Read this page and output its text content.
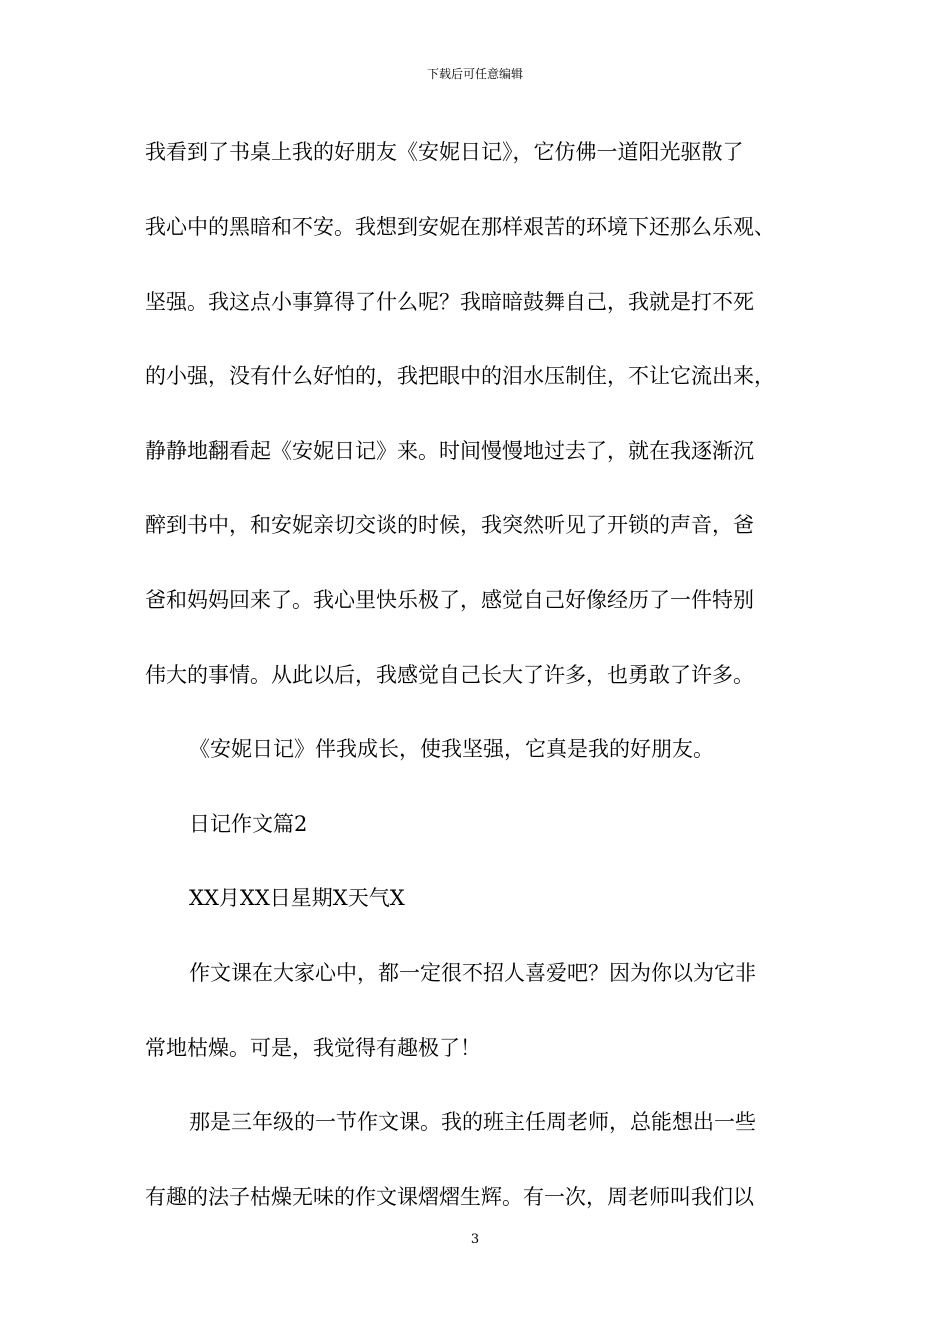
下载后可任意编辑
我看到了书桌上我的好朋友《安妮日记》，它仿佛一道阳光驱散了
我心中的黑暗和不安。我想到安妮在那样艰苦的环境下还那么乐观、
坚强。我这点小事算得了什么呢？我暗暗鼓舞自己，我就是打不死
的小强，没有什么好怕的，我把眼中的泪水压制住，不让它流出来，
静静地翻看起《安妮日记》来。时间慢慢地过去了，就在我逐渐沉
醉到书中，和安妮亲切交谈的时候，我突然听见了开锁的声音，爸
爸和妈妈回来了。我心里快乐极了，感觉自己好像经历了一件特别
伟大的事情。从此以后，我感觉自己长大了许多，也勇敢了许多。
《安妮日记》伴我成长，使我坚强，它真是我的好朋友。
日记作文篇2
XX月XX日星期X天气X
作文课在大家心中，都一定很不招人喜爱吧？因为你以为它非
常地枯燥。可是，我觉得有趣极了！
那是三年级的一节作文课。我的班主任周老师，总能想出一些
有趣的法子枯燥无味的作文课熠熠生辉。有一次，周老师叫我们以
3
